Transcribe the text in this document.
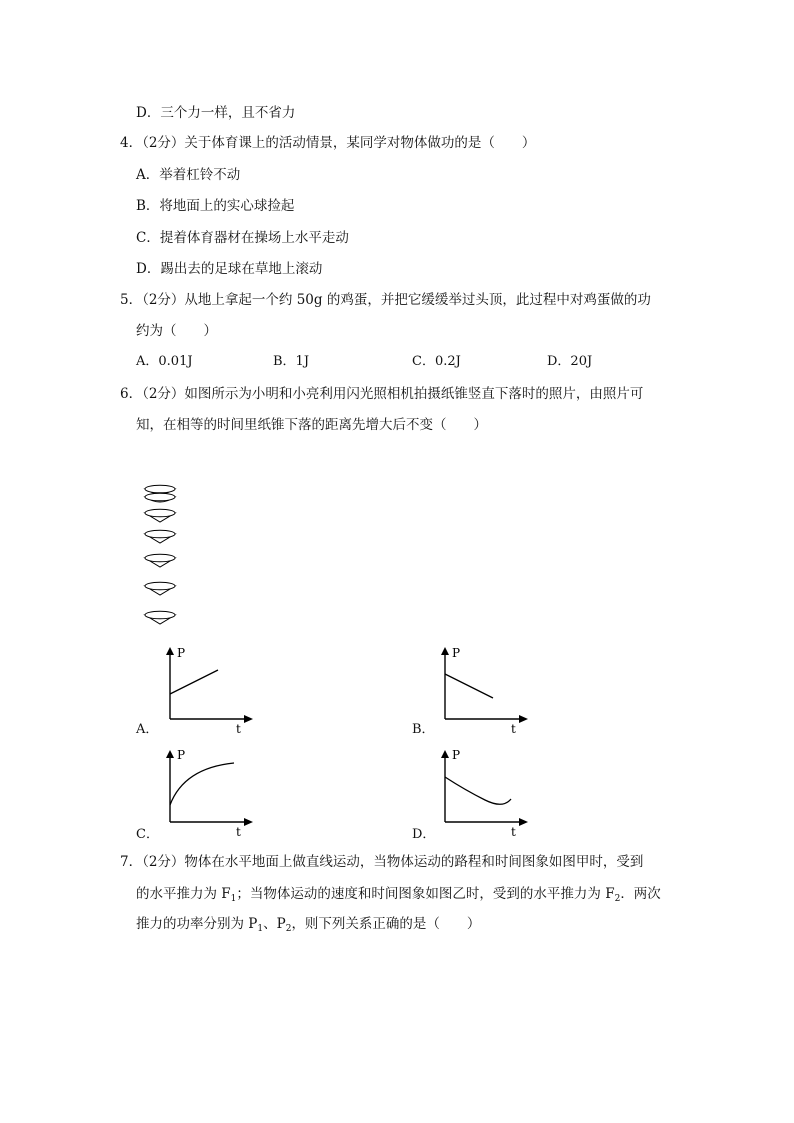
D．三个力一样，且不省力
4．（2分）关于体育课上的活动情景，某同学对物体做功的是（　　）
A．举着杠铃不动
B．将地面上的实心球捡起
C．提着体育器材在操场上水平走动
D．踢出去的足球在草地上滚动
5．（2分）从地上拿起一个约 50g 的鸡蛋，并把它缓缓举过头顶，此过程中对鸡蛋做的功
约为（　　）
A．0.01J	B．1J	C．0.2J	D．20J
6．（2分）如图所示为小明和小亮利用闪光照相机拍摄纸锥竖直下落时的照片，由照片可
知，在相等的时间里纸锥下落的距离先增大后不变（　　）
P
t
A．
P
t
B．
P
t
C．
P
t
D．
7．（2分）物体在水平地面上做直线运动，当物体运动的路程和时间图象如图甲时，受到
的水平推力为 $F_1$；当物体运动的速度和时间图象如图乙时，受到的水平推力为 $F_2$．两次
推力的功率分别为 $P_1$、$P_2$，则下列关系正确的是（　　）
